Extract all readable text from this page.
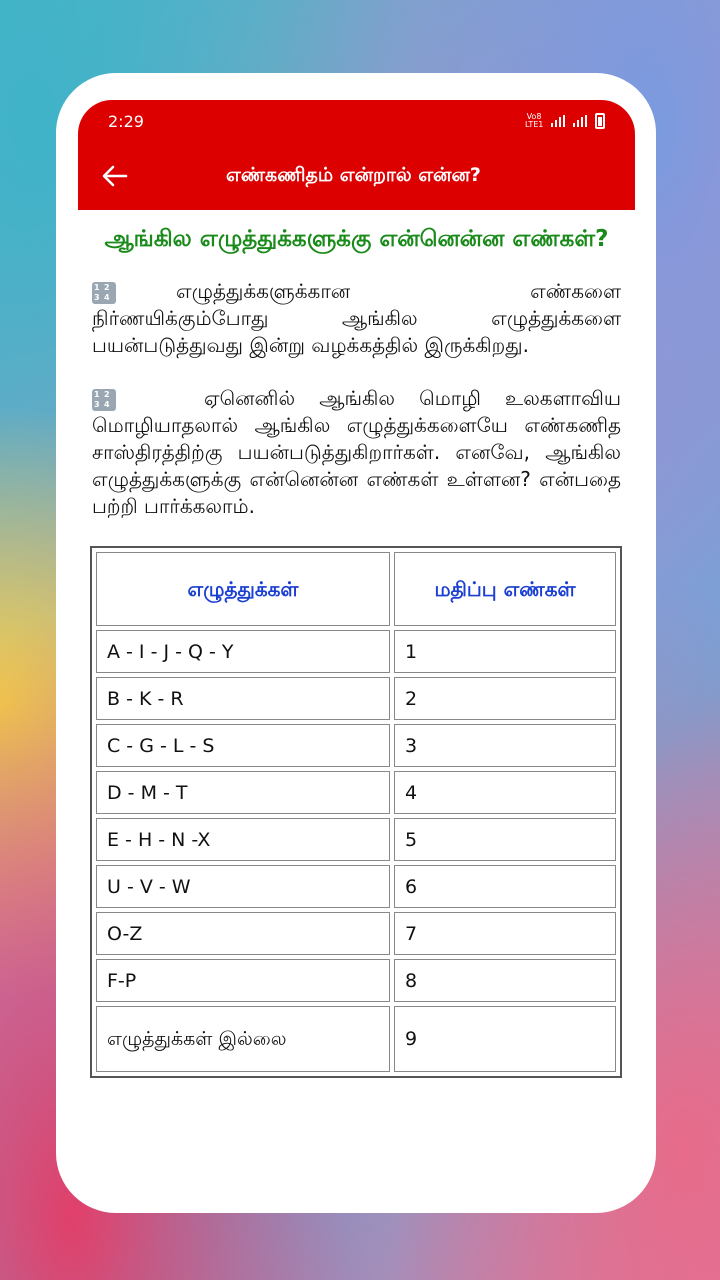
2:29	Vo8 LTE1
எண்கணிதம் என்றால் என்ன?
ஆங்கில எழுத்துக்களுக்கு என்னென்ன எண்கள்?

1 2
3 4	எழுத்துக்களுக்கான எண்களை நிர்ணயிக்கும்போது ஆங்கில எழுத்துக்களை பயன்படுத்துவது இன்று வழக்கத்தில் இருக்கிறது.

1 2
3 4	ஏனெனில் ஆங்கில மொழி உலகளாவிய மொழியாதலால் ஆங்கில எழுத்துக்களையே எண்கணித சாஸ்திரத்திற்கு பயன்படுத்துகிறார்கள். எனவே, ஆங்கில எழுத்துக்களுக்கு என்னென்ன எண்கள் உள்ளன? என்பதை பற்றி பார்க்கலாம்.

எழுத்துக்கள்	மதிப்பு எண்கள்
A - I - J - Q - Y	1
B - K - R	2
C - G - L - S	3
D - M - T	4
E - H - N -X	5
U - V - W	6
O-Z	7
F-P	8
எழுத்துக்கள் இல்லை	9
